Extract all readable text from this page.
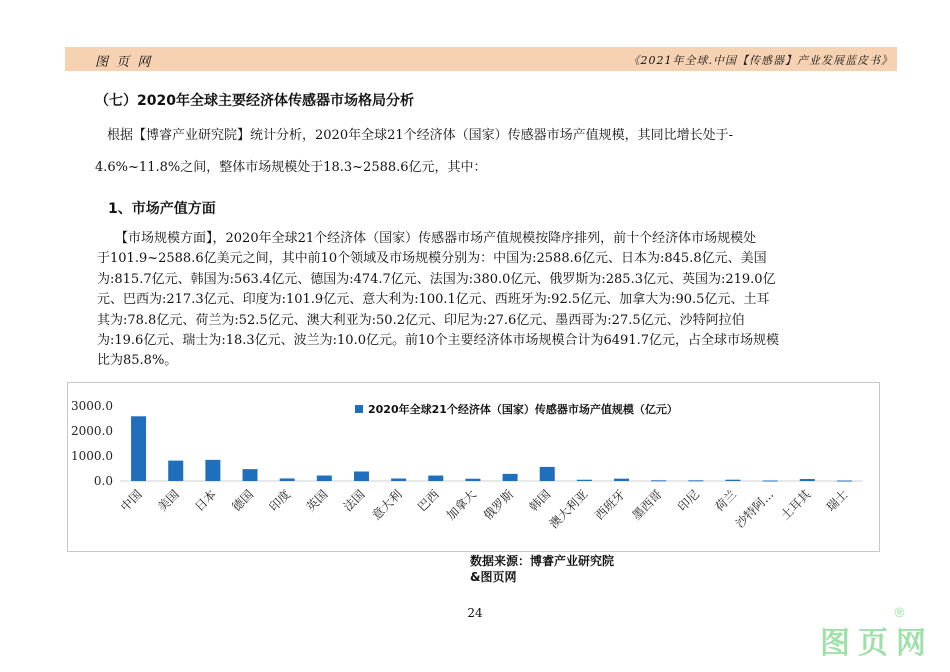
图 页 网	《2021年全球.中国【传感器】产业发展蓝皮书》
（七）2020年全球主要经济体传感器市场格局分析

根据【博睿产业研究院】统计分析，2020年全球21个经济体（国家）传感器市场产值规模，其同比增长处于-

4.6%~11.8%之间，整体市场规模处于18.3~2588.6亿元，其中：

1、市场产值方面

【市场规模方面】，2020年全球21个经济体（国家）传感器市场产值规模按降序排列，前十个经济体市场规模处

于101.9~2588.6亿美元之间，其中前10个领域及市场规模分别为：中国为:2588.6亿元、日本为:845.8亿元、美国

为:815.7亿元、韩国为:563.4亿元、德国为:474.7亿元、法国为:380.0亿元、俄罗斯为:285.3亿元、英国为:219.0亿

元、巴西为:217.3亿元、印度为:101.9亿元、意大利为:100.1亿元、西班牙为:92.5亿元、加拿大为:90.5亿元、土耳

其为:78.8亿元、荷兰为:52.5亿元、澳大利亚为:50.2亿元、印尼为:27.6亿元、墨西哥为:27.5亿元、沙特阿拉伯

为:19.6亿元、瑞士为:18.3亿元、波兰为:10.0亿元。前10个主要经济体市场规模合计为6491.7亿元，占全球市场规模

比为85.8%。

0.0
1000.0
2000.0
3000.0
中国 美国 日本 德国 印度 英国 法国 意大利 巴西 加拿大 俄罗斯 韩国
澳大利亚 西班牙 墨西哥 印尼 荷兰
沙特阿... 土耳其 瑞士
2020年全球21个经济体（国家）传感器市场产值规模（亿元）
数据来源：博睿产业研究院
&图页网
24	®
图页网
